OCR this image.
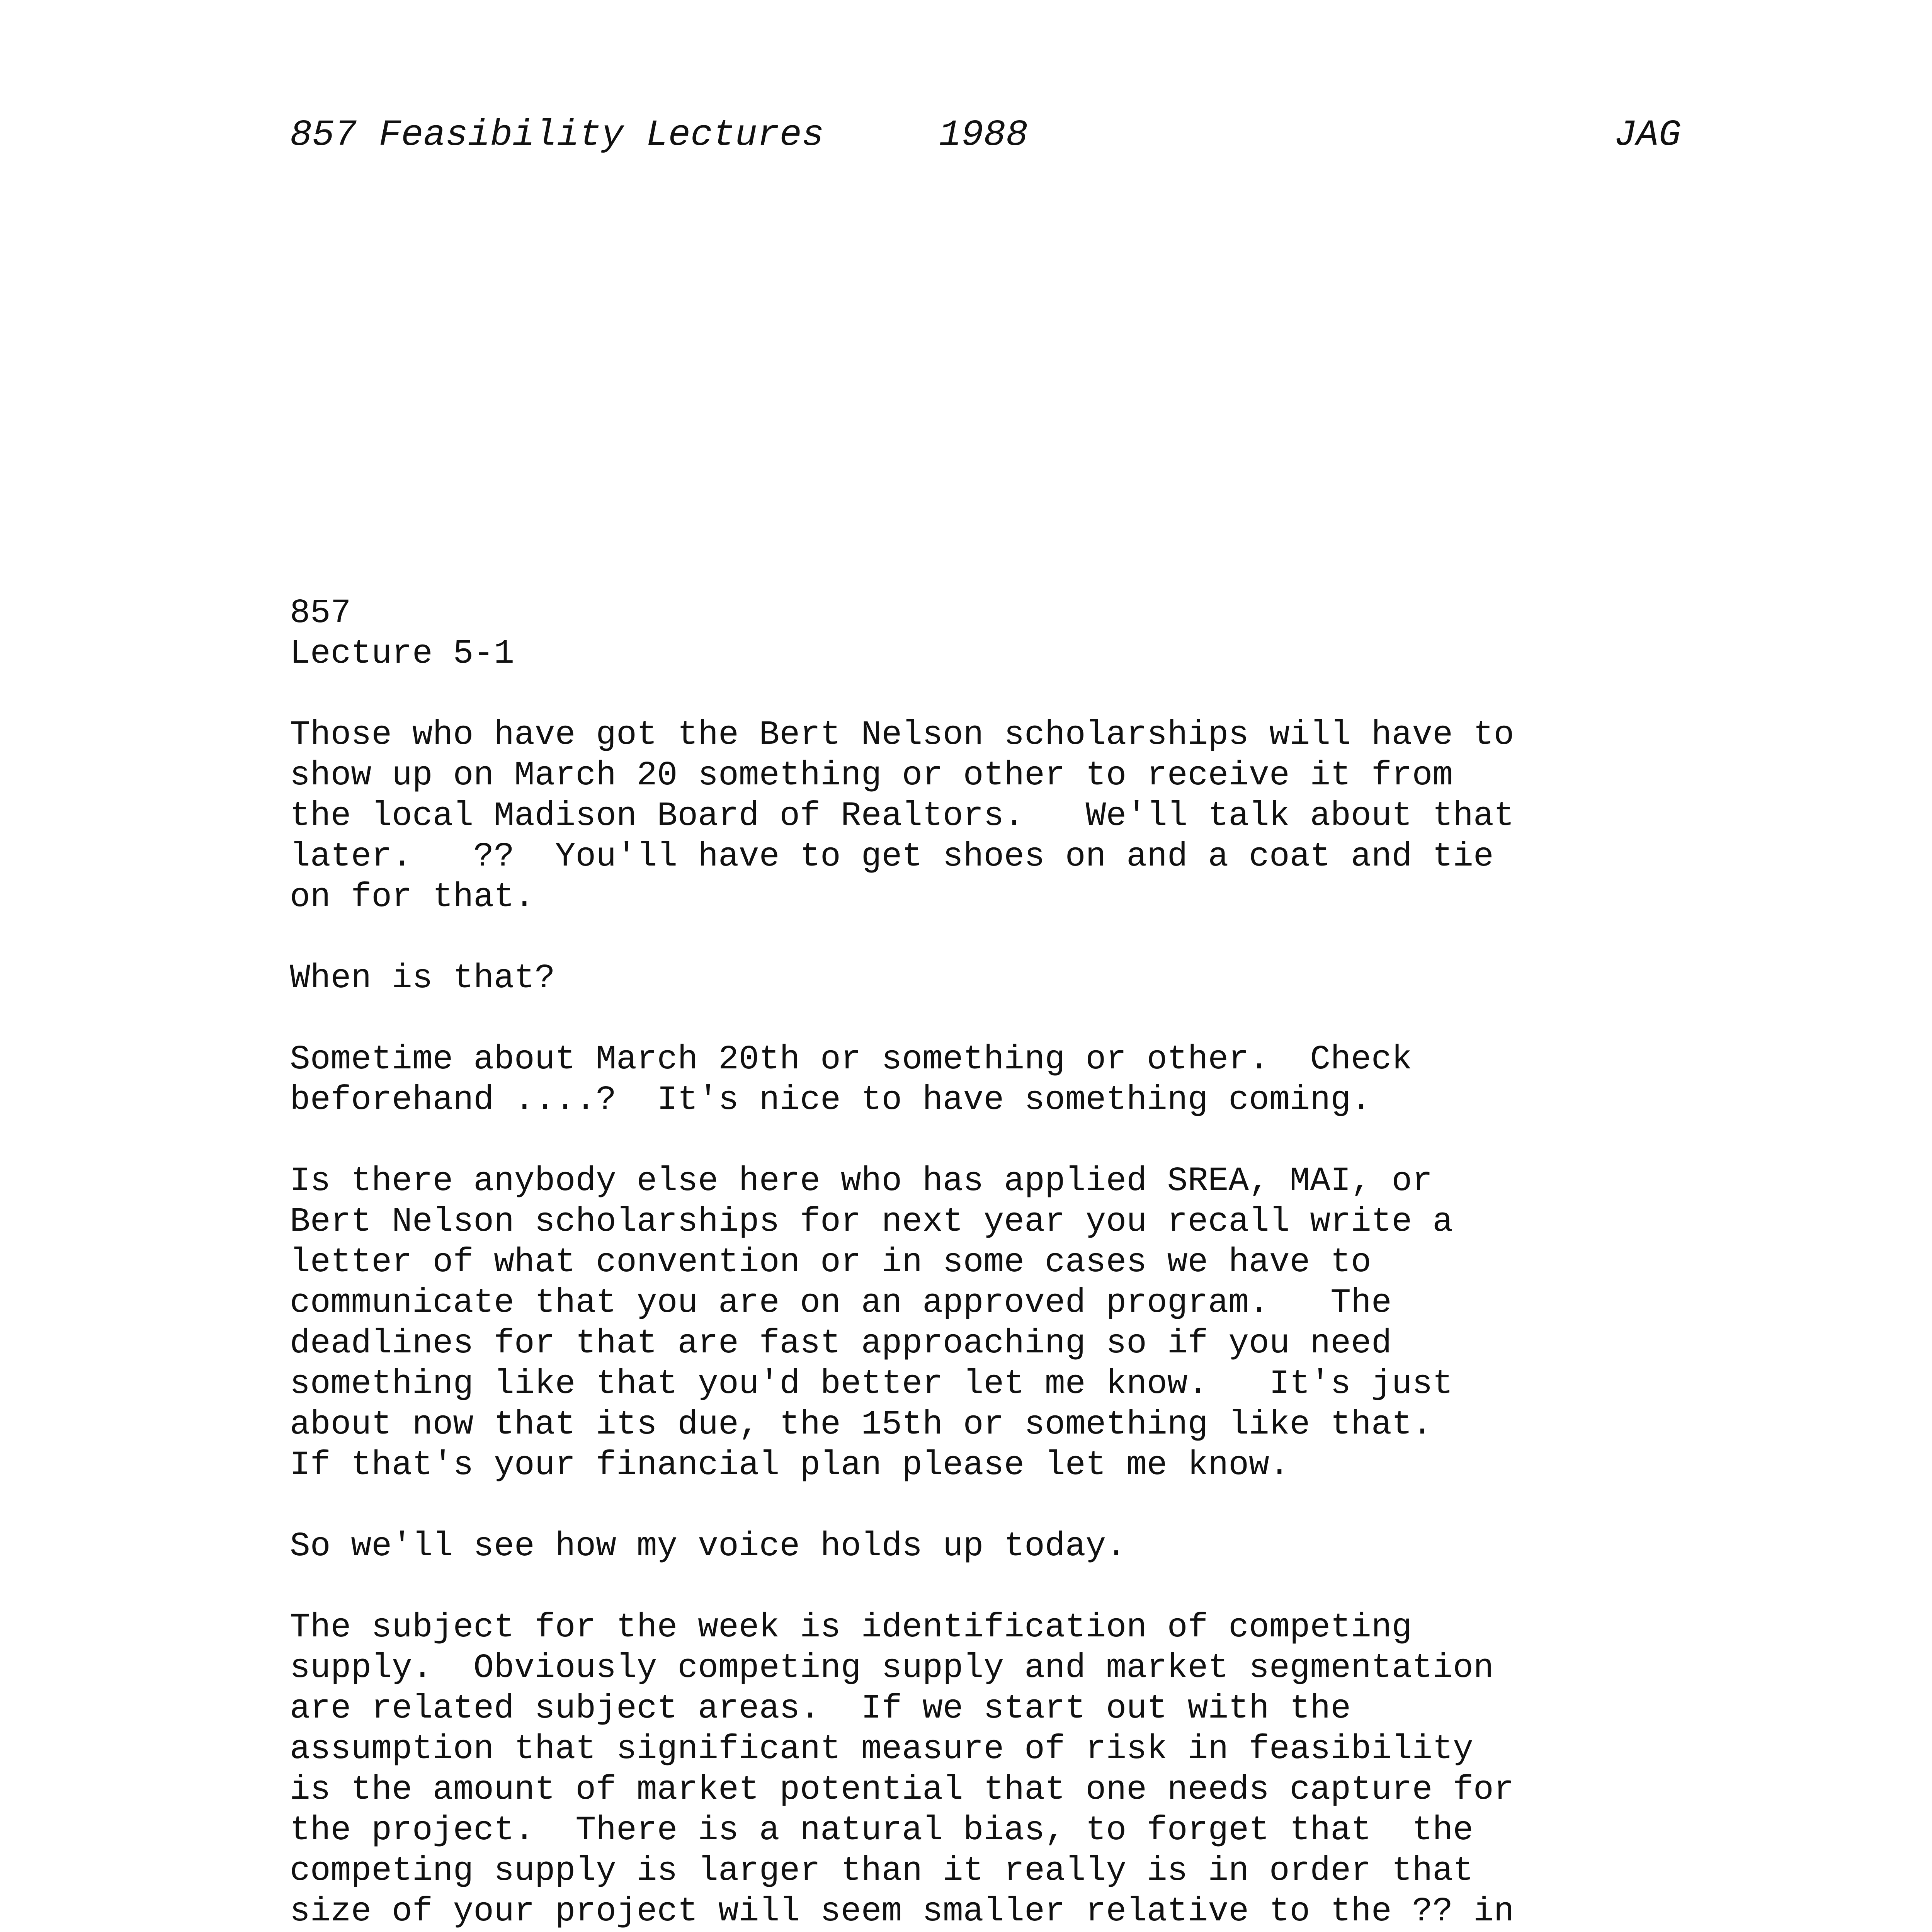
857 Feasibility Lectures	1988	JAG
857
Lecture 5-1
Those who have got the Bert Nelson scholarships will have to
show up on March 20 something or other to receive it from
the local Madison Board of Realtors.   We'll talk about that
later.   ??  You'll have to get shoes on and a coat and tie
on for that.
When is that?
Sometime about March 20th or something or other.  Check
beforehand ....?  It's nice to have something coming.
Is there anybody else here who has applied SREA, MAI, or
Bert Nelson scholarships for next year you recall write a
letter of what convention or in some cases we have to
communicate that you are on an approved program.   The
deadlines for that are fast approaching so if you need
something like that you'd better let me know.   It's just
about now that its due, the 15th or something like that.
If that's your financial plan please let me know.
So we'll see how my voice holds up today.
The subject for the week is identification of competing
supply.  Obviously competing supply and market segmentation
are related subject areas.  If we start out with the
assumption that significant measure of risk in feasibility
is the amount of market potential that one needs capture for
the project.  There is a natural bias, to forget that  the
competing supply is larger than it really is in order that
size of your project will seem smaller relative to the ?? in
